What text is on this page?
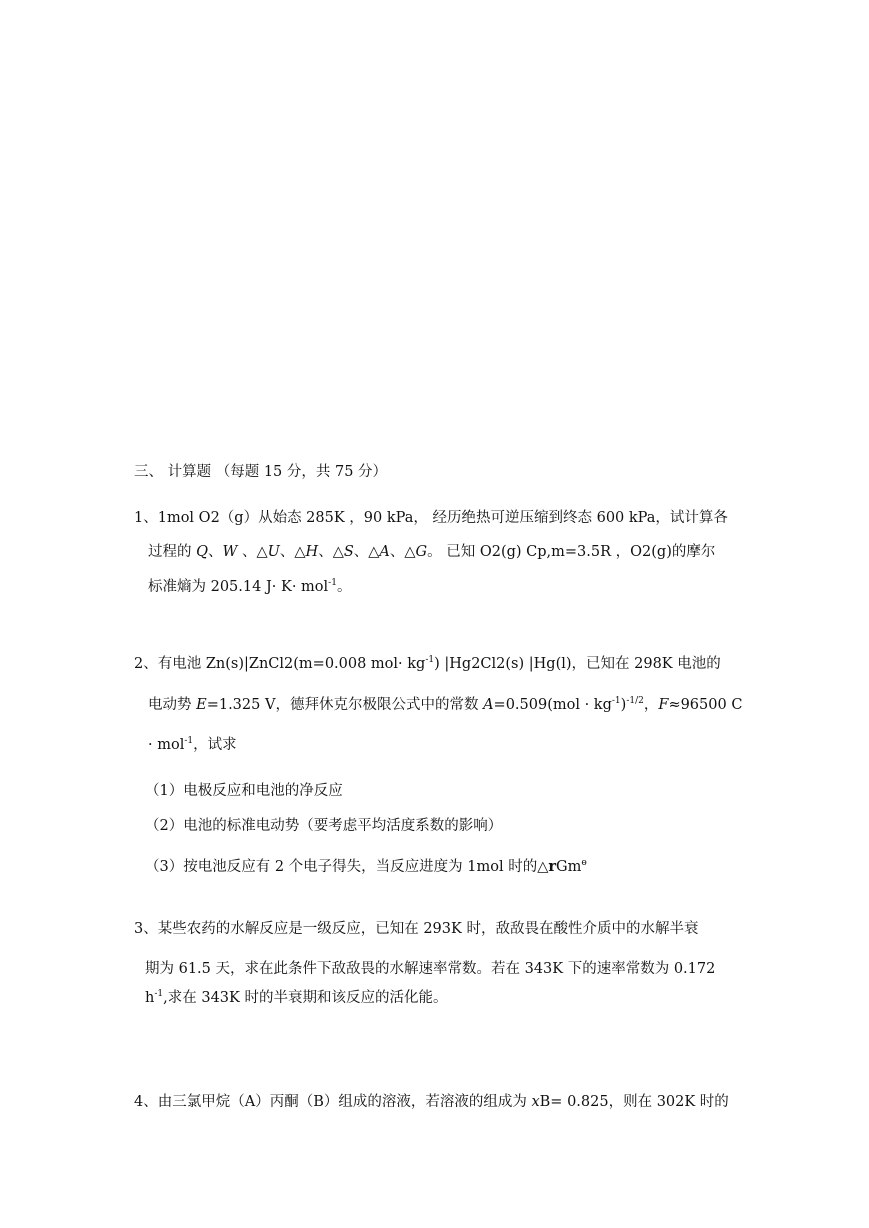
三、 计算题 （每题 15 分，共 75 分）
1、1mol O2（g）从始态 285K ，90 kPa， 经历绝热可逆压缩到终态 600 kPa，试计算各
过程的 Q、W 、△U、△H、△S、△A、△G。 已知 O2(g) Cp,m=3.5R ，O2(g)的摩尔
标准熵为 205.14 J· K· mol$^{-1}$。
2、有电池 Zn(s)|ZnCl2(m=0.008 $mol\cdot kg^{-1}$) |Hg2Cl2(s) |Hg(l)，已知在 298K 电池的
电动势 E=1.325 V，德拜休克尔极限公式中的常数 $A=0.509(mol \cdot kg^{-1})^{-1/2}$，F≈96500 C
· mol$^{-1}$，试求
（1）电极反应和电池的净反应
（2）电池的标准电动势（要考虑平均活度系数的影响）
（3）按电池反应有 2 个电子得失，当反应进度为 1mol 时的△rGm$^ө$
3、某些农药的水解反应是一级反应，已知在 293K 时，敌敌畏在酸性介质中的水解半衰
期为 61.5 天，求在此条件下敌敌畏的水解速率常数。若在 343K 下的速率常数为 0.172
$h^{-1}$,求在 343K 时的半衰期和该反应的活化能。
4、由三氯甲烷（A）丙酮（B）组成的溶液，若溶液的组成为 xB= 0.825，则在 302K 时的
